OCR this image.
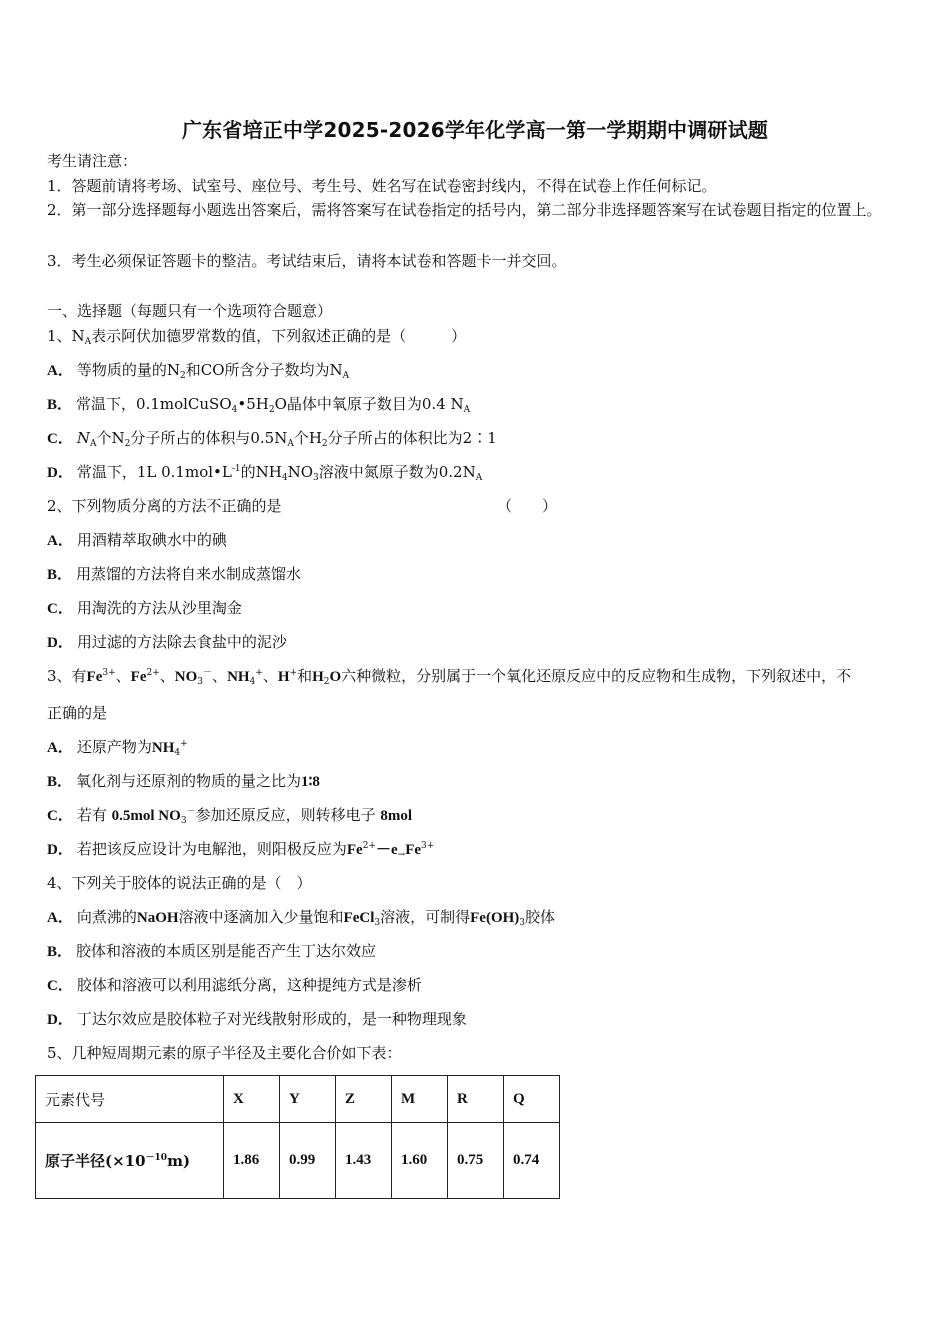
广东省培正中学2025-2026学年化学高一第一学期期中调研试题
考生请注意：
1．答题前请将考场、试室号、座位号、考生号、姓名写在试卷密封线内，不得在试卷上作任何标记。
2．第一部分选择题每小题选出答案后，需将答案写在试卷指定的括号内，第二部分非选择题答案写在试卷题目指定的位置上。
3．考生必须保证答题卡的整洁。考试结束后，请将本试卷和答题卡一并交回。
一、选择题（每题只有一个选项符合题意）
1、$N_A$表示阿伏加德罗常数的值，下列叙述正确的是（　　　）
A． 等物质的量的$N_2$和CO所含分子数均为$N_A$
B． 常温下，$0.1molCuSO_4•5H_2O$晶体中氧原子数目为0.4 $N_A$
C． $N_A$个$N_2$分子所占的体积与$0.5N_A$个$H_2$分子所占的体积比为2∶1
D． 常温下，1L $0.1mol•L^{-1}$的$NH_4NO_3$溶液中氮原子数为$0.2N_A$
2、下列物质分离的方法不正确的是	（　　）
A． 用酒精萃取碘水中的碘
B． 用蒸馏的方法将自来水制成蒸馏水
C． 用淘洗的方法从沙里淘金
D． 用过滤的方法除去食盐中的泥沙
3、有$Fe^{3+}$、$Fe^{2+}$、$NO_3^-$、$NH_4^+$、H+和$H_2O$六种微粒，分别属于一个氧化还原反应中的反应物和生成物，下列叙述中，不
正确的是
A． 还原产物为$NH_4^+$
B． 氧化剂与还原剂的物质的量之比为1∶8
C． 若有 0.5mol $NO_3^-$参加还原反应，则转移电子 8mol
D． 若把该反应设计为电解池，则阳极反应为$Fe^{2+}-e_\to Fe^{3+}$
4、下列关于胶体的说法正确的是（　）
A． 向煮沸的NaOH溶液中逐滴加入少量饱和FeCl$_3$溶液，可制得$Fe(OH)_3$胶体
B． 胶体和溶液的本质区别是能否产生丁达尔效应
C． 胶体和溶液可以利用滤纸分离，这种提纯方式是渗析
D． 丁达尔效应是胶体粒子对光线散射形成的，是一种物理现象
5、几种短周期元素的原子半径及主要化合价如下表：
元素代号	X	Y	Z	M	R	Q
原子半径$(\times 10^{-10}m)$	1.86	0.99	1.43	1.60	0.75	0.74
